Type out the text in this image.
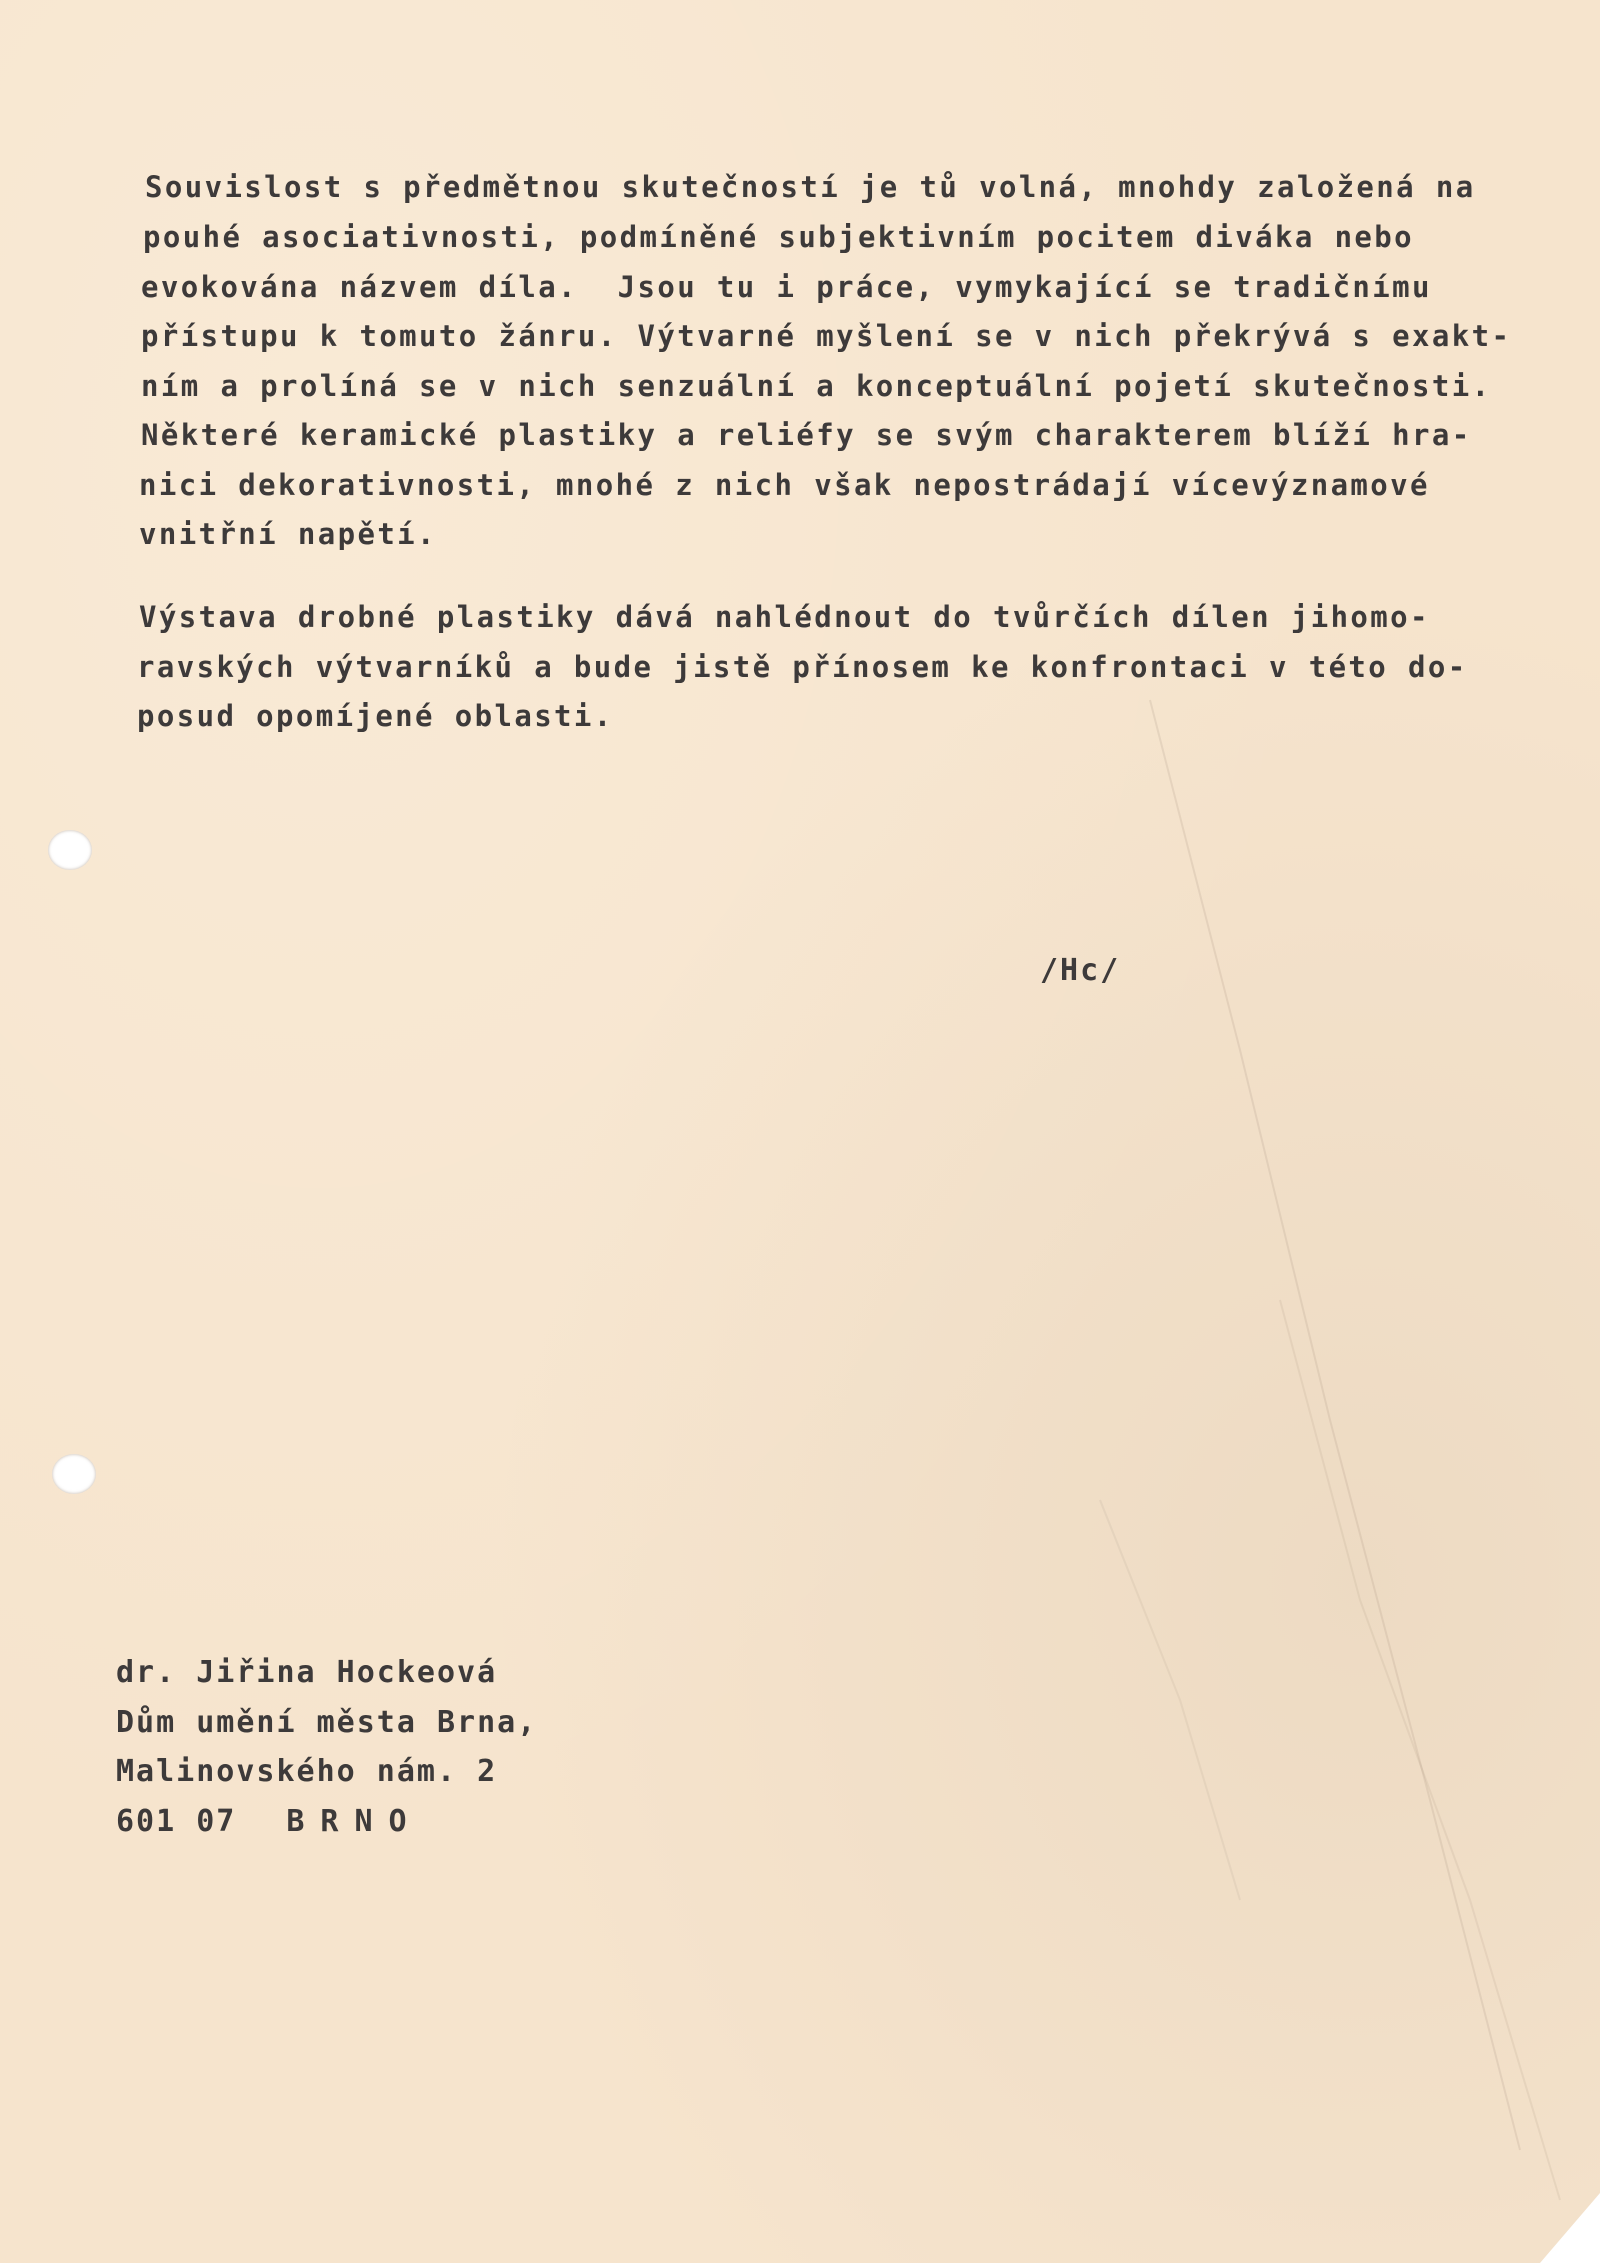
Souvislost s předmětnou skutečností je tů volná, mnohdy založená na

pouhé asociativnosti, podmíněné subjektivním pocitem diváka nebo

evokována názvem díla.  Jsou tu i práce, vymykající se tradičnímu

přístupu k tomuto žánru. Výtvarné myšlení se v nich překrývá s exakt-

ním a prolíná se v nich senzuální a konceptuální pojetí skutečnosti.

Některé keramické plastiky a reliéfy se svým charakterem blíží hra-

nici dekorativnosti, mnohé z nich však nepostrádají vícevýznamové

vnitřní napětí.

Výstava drobné plastiky dává nahlédnout do tvůrčích dílen jihomo-

ravských výtvarníků a bude jistě přínosem ke konfrontaci v této do-

posud opomíjené oblasti.

/Hc/

dr. Jiřina Hockeová

Dům umění města Brna,

Malinovského nám. 2

601 07 BRNO
